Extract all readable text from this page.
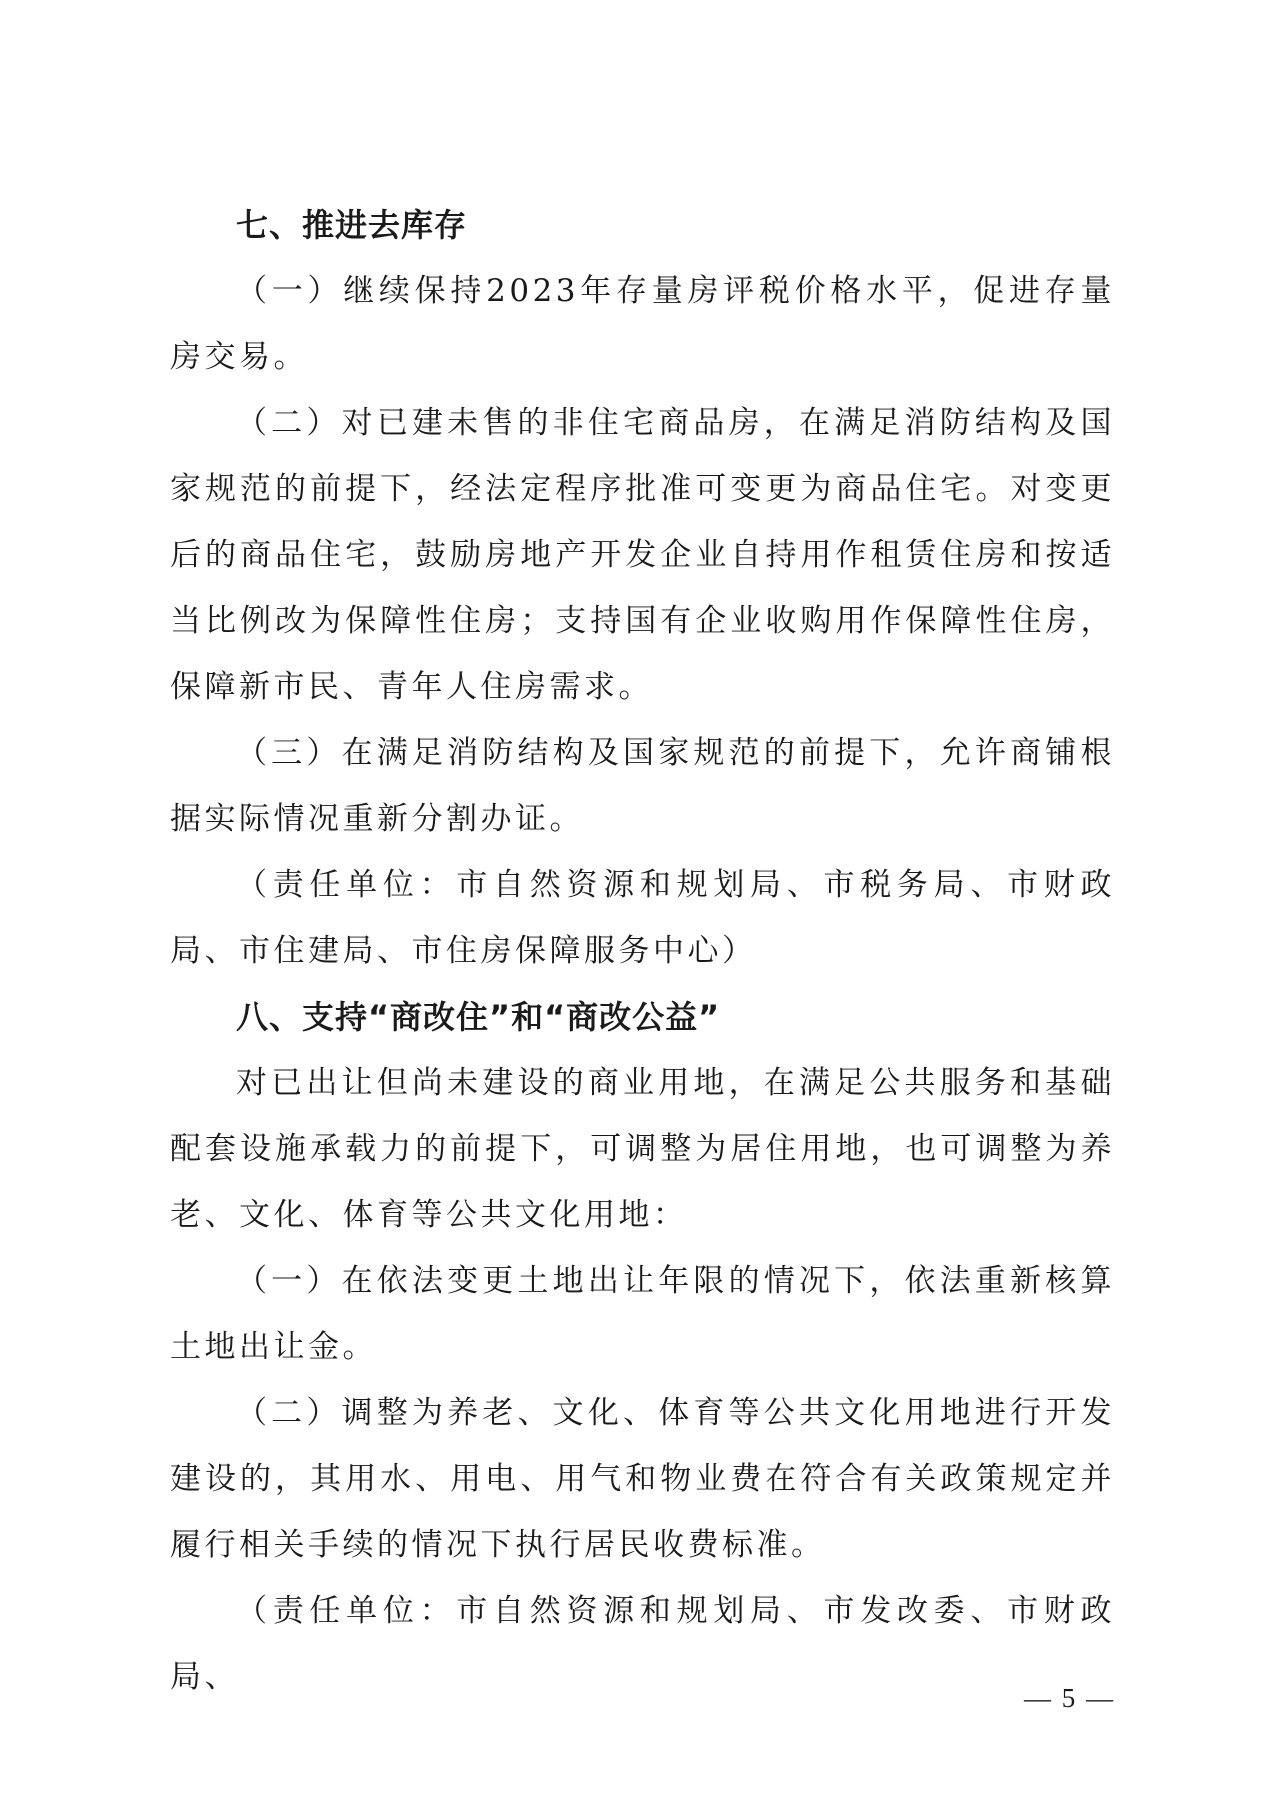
七、推进去库存

（一）继续保持2023年存量房评税价格水平，促进存量房交易。

（二）对已建未售的非住宅商品房，在满足消防结构及国家规范的前提下，经法定程序批准可变更为商品住宅。对变更后的商品住宅，鼓励房地产开发企业自持用作租赁住房和按适当比例改为保障性住房；支持国有企业收购用作保障性住房，保障新市民、青年人住房需求。

（三）在满足消防结构及国家规范的前提下，允许商铺根据实际情况重新分割办证。

（责任单位：市自然资源和规划局、市税务局、市财政局、市住建局、市住房保障服务中心）

八、支持“商改住”和“商改公益”

对已出让但尚未建设的商业用地，在满足公共服务和基础配套设施承载力的前提下，可调整为居住用地，也可调整为养老、文化、体育等公共文化用地：

（一）在依法变更土地出让年限的情况下，依法重新核算土地出让金。

（二）调整为养老、文化、体育等公共文化用地进行开发建设的，其用水、用电、用气和物业费在符合有关政策规定并履行相关手续的情况下执行居民收费标准。

（责任单位：市自然资源和规划局、市发改委、市财政局、

— 5 —
